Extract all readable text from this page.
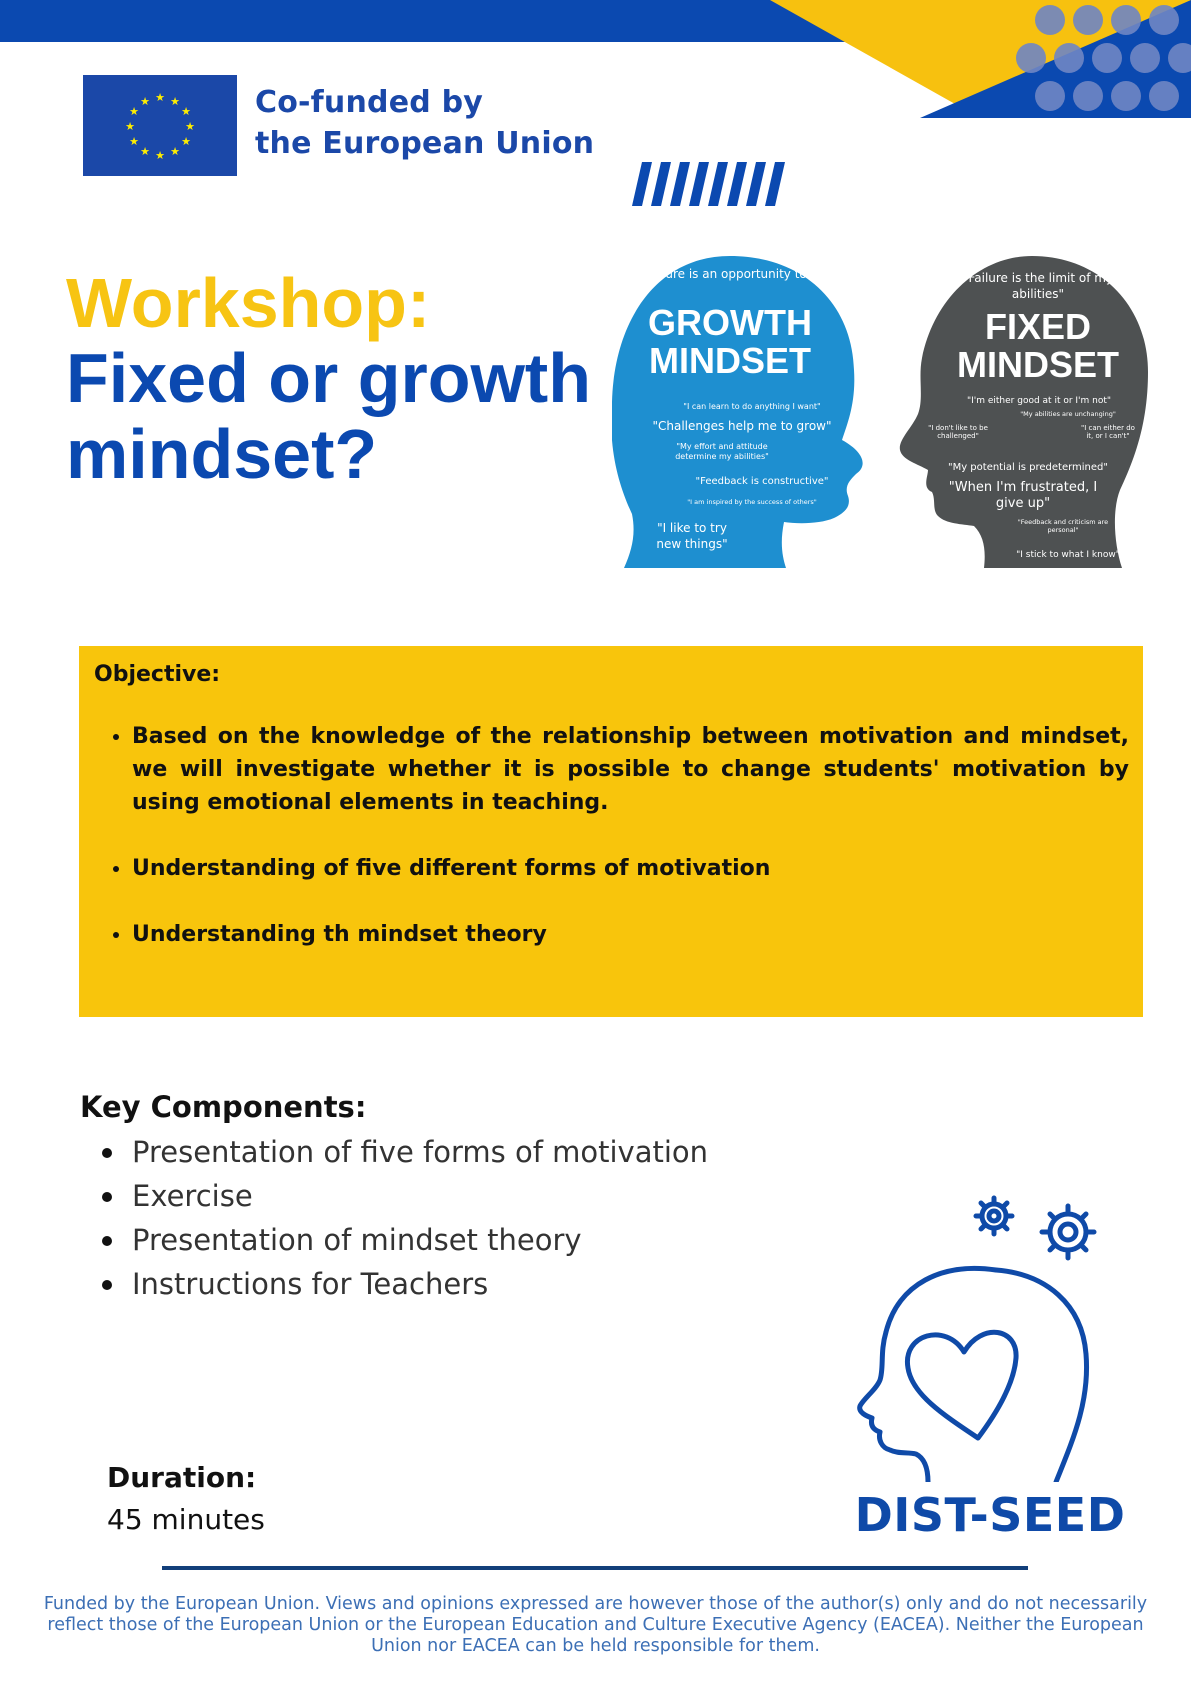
★ ★
★
★
★
★
★
★
★
★
★
★	Co-funded by
the European Union
Workshop:
Fixed or growth
mindset?
"Failure is an opportunity to grow"
GROWTH
MINDSET
"I can learn to do anything I want"
"Challenges help me to grow"
"My effort and attitude determine my abilities"
"Feedback is constructive"
"I am inspired by the success of others"
"I like to try new things"
"Failure is the limit of my abilities"
FIXED
MINDSET
"I'm either good at it or I'm not"
"My abilities are unchanging"
"I don't like to be challenged"
"I can either do it, or I can't"
"My potential is predetermined"
"When I'm frustrated, I give up"
"Feedback and criticism are personal"
"I stick to what I know"
Objective:
• Based on the knowledge of the relationship between motivation and mindset, we will investigate whether it is possible to change students' motivation by using emotional elements in teaching.
• Understanding of five different forms of motivation
• Understanding th mindset theory
Key Components:
Presentation of five forms of motivation
Exercise
Presentation of mindset theory
Instructions for Teachers
Duration:
45 minutes	DIST-SEED
Funded by the European Union. Views and opinions expressed are however those of the author(s) only and do not necessarily reflect those of the European Union or the European Education and Culture Executive Agency (EACEA). Neither the European Union nor EACEA can be held responsible for them.
